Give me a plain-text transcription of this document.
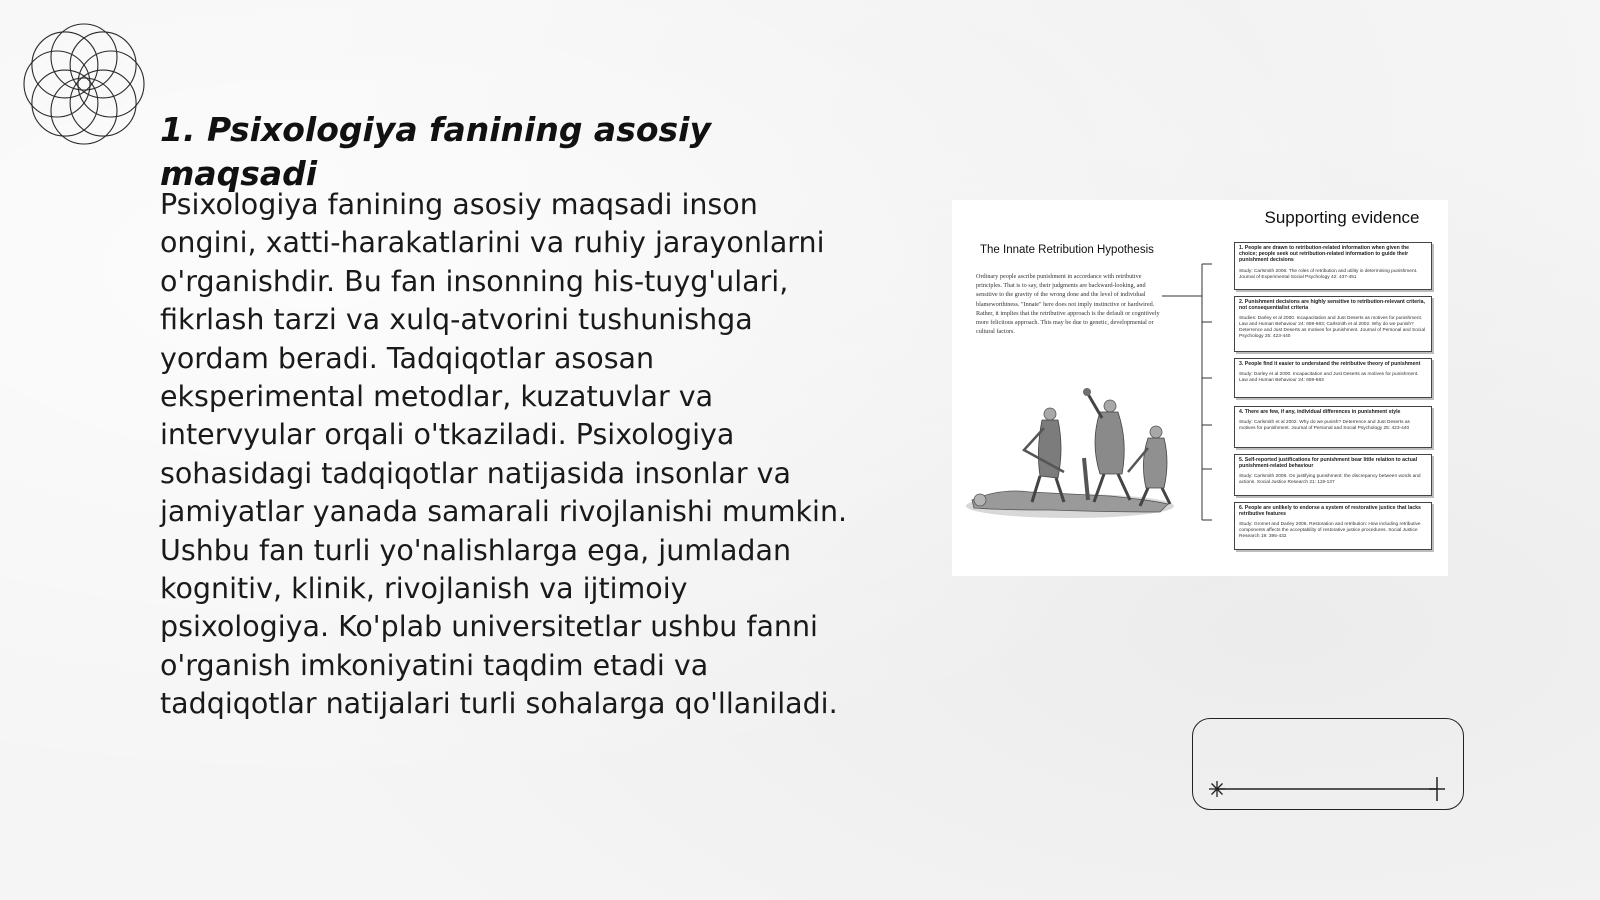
1. Psixologiya fanining asosiy maqsadi

Psixologiya fanining asosiy maqsadi inson ongini, xatti-harakatlarini va ruhiy jarayonlarni o'rganishdir. Bu fan insonning his-tuyg'ulari, fikrlash tarzi va xulq-atvorini tushunishga yordam beradi. Tadqiqotlar asosan eksperimental metodlar, kuzatuvlar va intervyular orqali o'tkaziladi. Psixologiya sohasidagi tadqiqotlar natijasida insonlar va jamiyatlar yanada samarali rivojlanishi mumkin. Ushbu fan turli yo'nalishlarga ega, jumladan kognitiv, klinik, rivojlanish va ijtimoiy psixologiya. Ko'plab universitetlar ushbu fanni o'rganish imkoniyatini taqdim etadi va tadqiqotlar natijalari turli sohalarga qo'llaniladi.

Supporting evidence
The Innate Retribution Hypothesis
Ordinary people ascribe punishment in accordance with retributive principles. That is to say, their judgments are backward-looking, and sensitive to the gravity of the wrong done and the level of individual blameworthiness. "Innate" here does not imply instinctive or hardwired. Rather, it implies that the retributive approach is the default or cognitively more felicitous approach. This may be due to genetic, developmental or cultural factors.
1. People are drawn to retribution-related information when given the choice; people seek out retribution-related information to guide their punishment decisions
Study: Carlsmith 2006. The roles of retribution and utility in determining punishment. Journal of Experimental Social Psychology 42: 437-451
2. Punishment decisions are highly sensitive to retribution-relevant criteria, not consequentialist criteria
Studies: Darley et al 2000. Incapacitation and Just Deserts as motives for punishment. Law and Human Behaviour 24: 659-683; Carlsmith et al 2002. Why do we punish? Deterrence and Just Deserts as motives for punishment. Journal of Personal and Social Psychology 25: 423-440
3. People find it easier to understand the retributive theory of punishment
Study: Darley et al 2000. Incapacitation and Just Deserts as motives for punishment. Law and Human Behaviour 24: 659-683
4. There are few, if any, individual differences in punishment style
Study: Carlsmith et al 2002. Why do we punish? Deterrence and Just Deserts as motives for punishment. Journal of Personal and Social Psychology 25: 423-440
5. Self-reported justifications for punishment bear little relation to actual punishment-related behaviour
Study: Carlsmith 2008. On justifying punishment: the discrepancy between words and actions. Social Justice Research 21: 119-137
6. People are unlikely to endorse a system of restorative justice that lacks retributive features
Study: Gromet and Darley 2006. Restoration and retribution: How including retributive components affects the acceptability of restorative justice procedures. Social Justice Research 19: 395-432
